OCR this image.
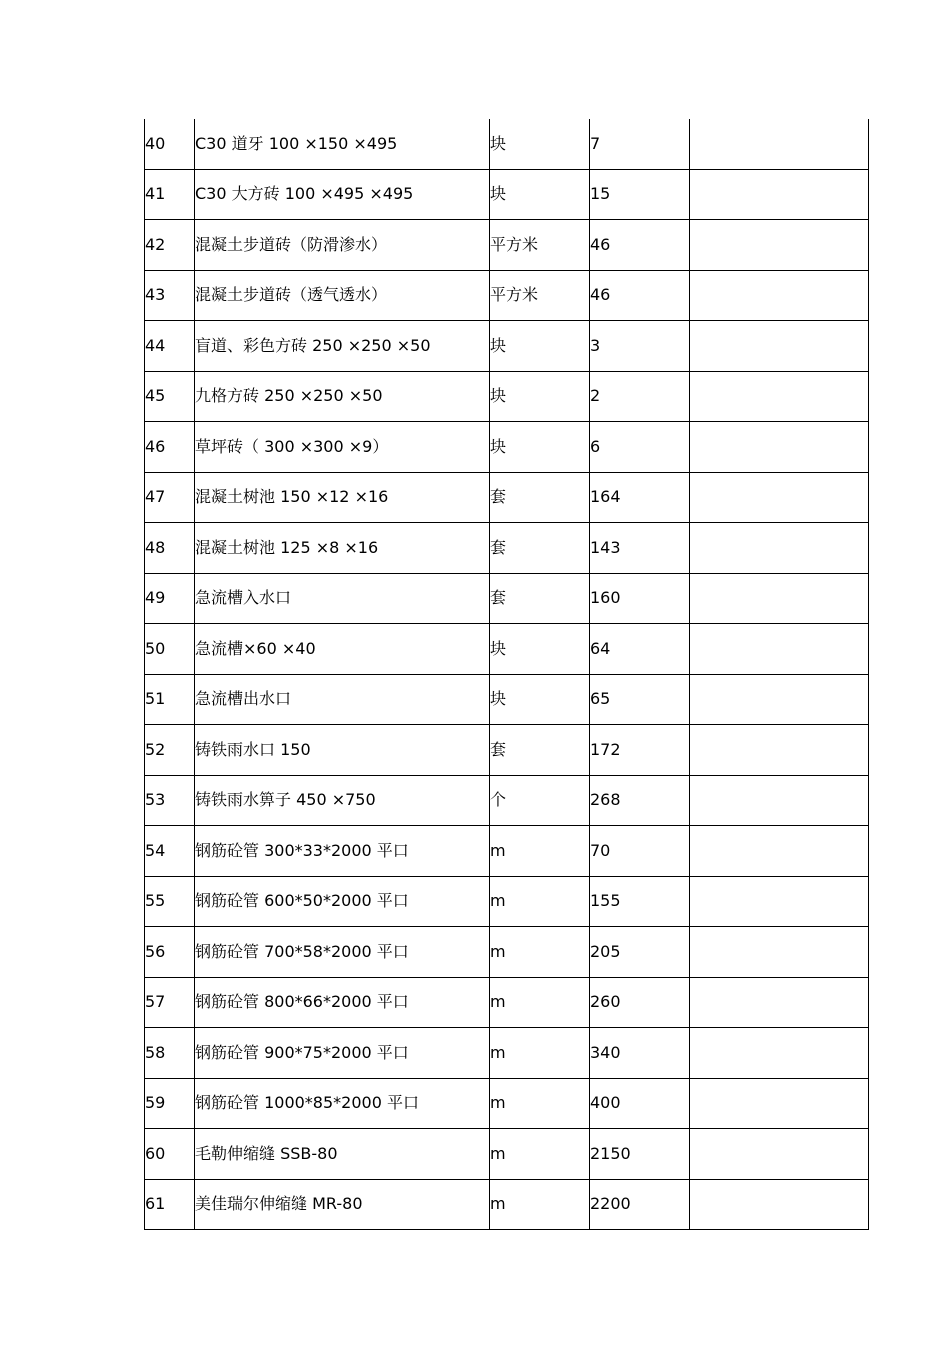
40	C30 道牙 100 ×150 ×495	块	7	
41	C30 大方砖 100 ×495 ×495	块	15	
42	混凝土步道砖（防滑渗水）	平方米	46	
43	混凝土步道砖（透气透水）	平方米	46	
44	盲道、彩色方砖 250 ×250 ×50	块	3	
45	九格方砖 250 ×250 ×50	块	2	
46	草坪砖（ 300 ×300 ×9）	块	6	
47	混凝土树池 150 ×12 ×16	套	164	
48	混凝土树池 125 ×8 ×16	套	143	
49	急流槽入水口	套	160	
50	急流槽×60 ×40	块	64	
51	急流槽出水口	块	65	
52	铸铁雨水口 150	套	172	
53	铸铁雨水箅子 450 ×750	个	268	
54	钢筋砼管 300*33*2000 平口	m	70	
55	钢筋砼管 600*50*2000 平口	m	155	
56	钢筋砼管 700*58*2000 平口	m	205	
57	钢筋砼管 800*66*2000 平口	m	260	
58	钢筋砼管 900*75*2000 平口	m	340	
59	钢筋砼管 1000*85*2000 平口	m	400	
60	毛勒伸缩缝 SSB-80	m	2150	
61	美佳瑞尔伸缩缝 MR-80	m	2200	
